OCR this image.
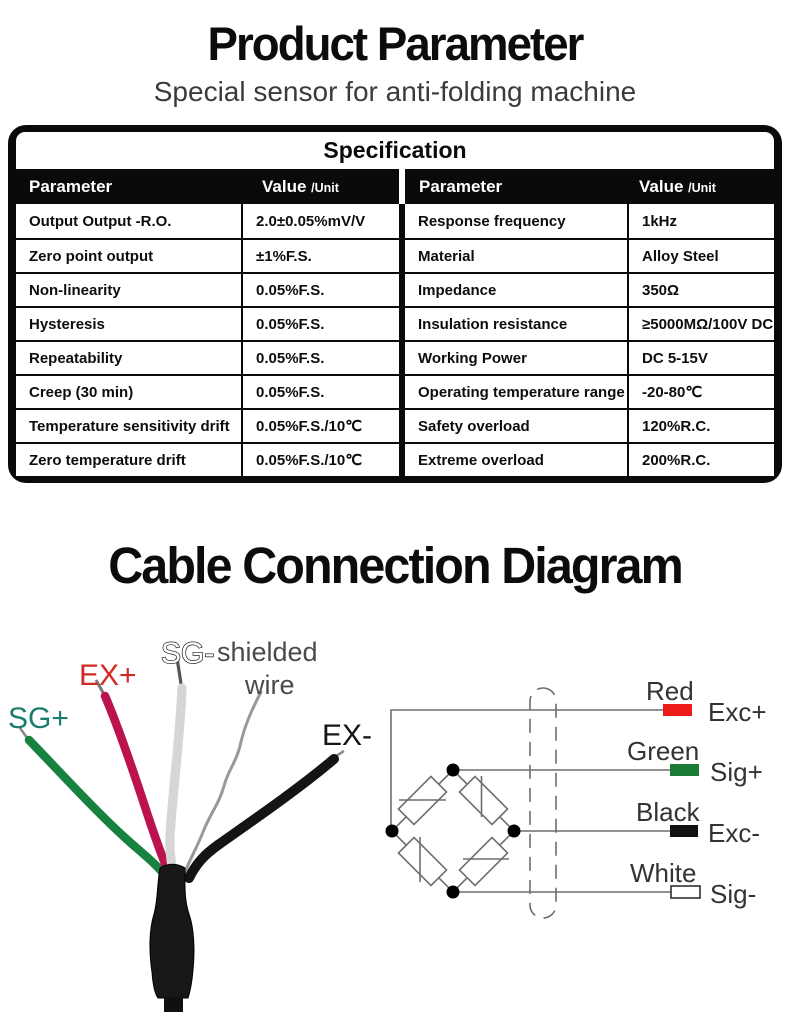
Product Parameter
Special sensor for anti-folding machine
Specification
Parameter	Value /Unit	Parameter	Value /Unit
Output Output -R.O.	2.0±0.05%mV/V	Response frequency	1kHz
Zero point output	±1%F.S.	Material	Alloy Steel
Non-linearity	0.05%F.S.	Impedance	350Ω
Hysteresis	0.05%F.S.	Insulation resistance	≥5000MΩ/100V DC
Repeatability	0.05%F.S.	Working Power	DC 5-15V
Creep (30 min)	0.05%F.S.	Operating temperature range	-20-80℃
Temperature sensitivity drift	0.05%F.S./10℃	Safety overload	120%R.C.
Zero temperature drift	0.05%F.S./10℃	Extreme overload	200%R.C.
Cable Connection Diagram
SG+
EX+
SG- shielded
wire
EX-
Red
Exc+
Green
Sig+
Black
Exc-
White
Sig-
